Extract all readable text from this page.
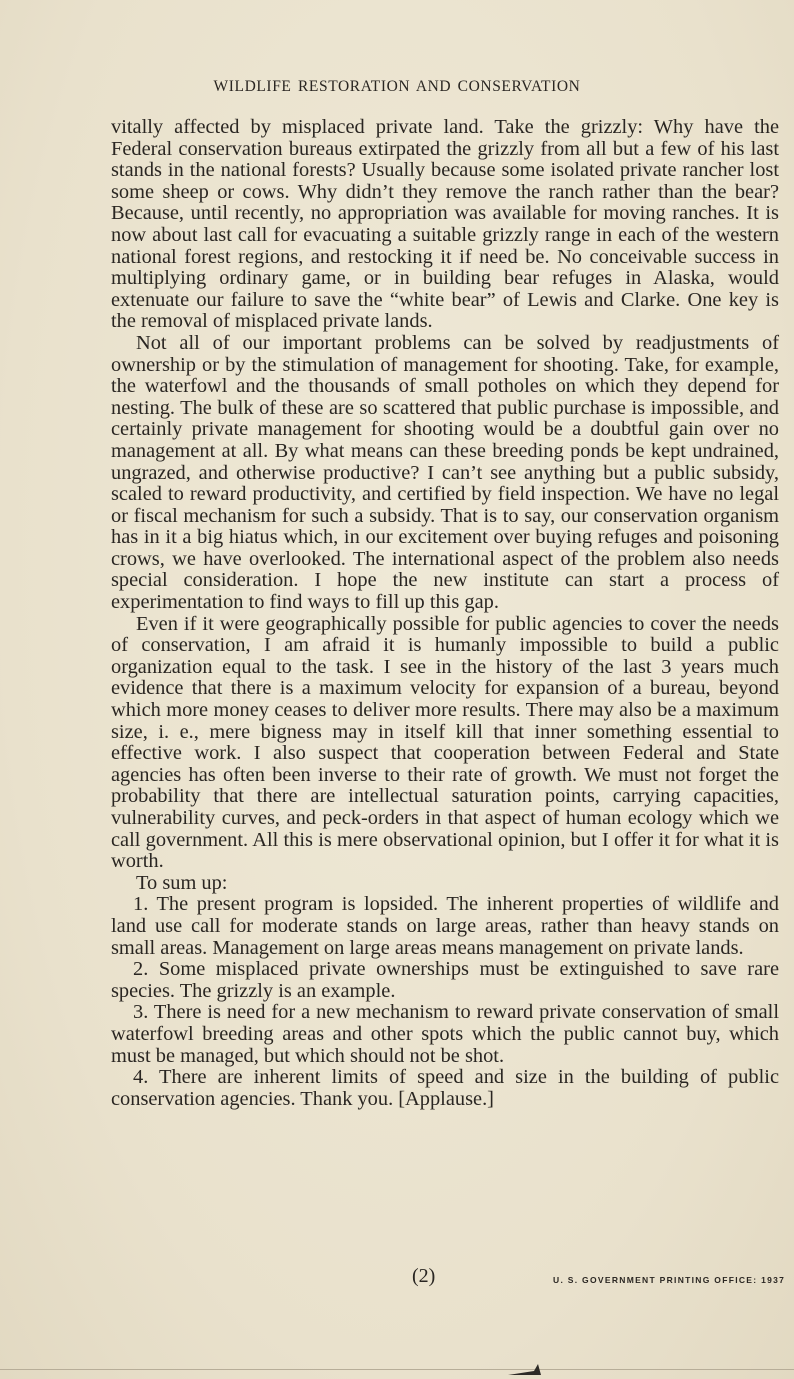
WILDLIFE RESTORATION AND CONSERVATION

vitally affected by misplaced private land. Take the grizzly: Why have the Federal conservation bureaus extirpated the grizzly from all but a few of his last stands in the national forests? Usually because some isolated private rancher lost some sheep or cows. Why didn’t they remove the ranch rather than the bear? Because, until recently, no appropriation was available for moving ranches. It is now about last call for evacuating a suitable grizzly range in each of the western national forest regions, and restocking it if need be. No conceivable success in multiplying ordinary game, or in building bear refuges in Alaska, would extenuate our failure to save the “white bear” of Lewis and Clarke. One key is the removal of misplaced private lands.

Not all of our important problems can be solved by readjustments of ownership or by the stimulation of management for shooting. Take, for example, the waterfowl and the thousands of small potholes on which they depend for nesting. The bulk of these are so scattered that public purchase is impossible, and certainly private management for shooting would be a doubtful gain over no management at all. By what means can these breeding ponds be kept undrained, ungrazed, and otherwise productive? I can’t see anything but a public subsidy, scaled to reward productivity, and certified by field inspection. We have no legal or fiscal mechanism for such a subsidy. That is to say, our conservation organism has in it a big hiatus which, in our excitement over buying refuges and poisoning crows, we have overlooked. The international aspect of the problem also needs special consideration. I hope the new institute can start a process of experimentation to find ways to fill up this gap.

Even if it were geographically possible for public agencies to cover the needs of conservation, I am afraid it is humanly impossible to build a public organization equal to the task. I see in the history of the last 3 years much evidence that there is a maximum velocity for expansion of a bureau, beyond which more money ceases to deliver more results. There may also be a maximum size, i. e., mere bigness may in itself kill that inner something essential to effective work. I also suspect that cooperation between Federal and State agencies has often been inverse to their rate of growth. We must not forget the probability that there are intellectual saturation points, carrying capacities, vulnerability curves, and peck-orders in that aspect of human ecology which we call government. All this is mere observational opinion, but I offer it for what it is worth.

To sum up:

1. The present program is lopsided. The inherent properties of wildlife and land use call for moderate stands on large areas, rather than heavy stands on small areas. Management on large areas means management on private lands.

2. Some misplaced private ownerships must be extinguished to save rare species. The grizzly is an example.

3. There is need for a new mechanism to reward private conservation of small waterfowl breeding areas and other spots which the public cannot buy, which must be managed, but which should not be shot.

4. There are inherent limits of speed and size in the building of public conservation agencies. Thank you. [Applause.]

(2)	U. S. GOVERNMENT PRINTING OFFICE: 1937
